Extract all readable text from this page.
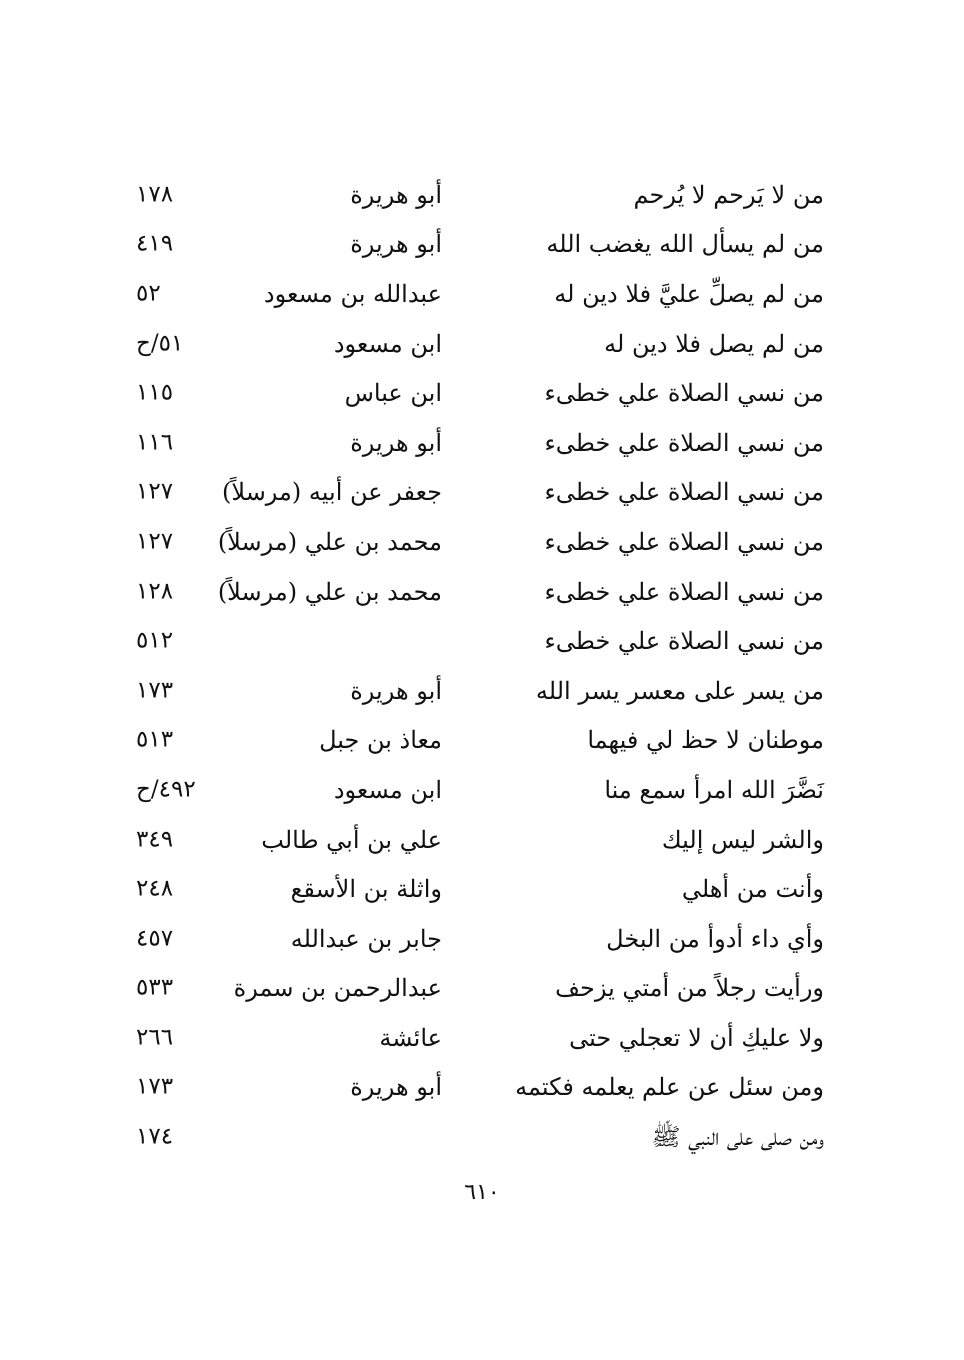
من لا يَرحم لا يُرحم
أبو هريرة
١٧٨
من لم يسأل الله يغضب الله
أبو هريرة
٤١٩
من لم يصلِّ عليَّ فلا دين له
عبدالله بن مسعود
٥٢
من لم يصل فلا دين له
ابن مسعود
٥١/ح
من نسي الصلاة علي خطىء
ابن عباس
١١٥
من نسي الصلاة علي خطىء
أبو هريرة
١١٦
من نسي الصلاة علي خطىء
جعفر عن أبيه (مرسلاً)
١٢٧
من نسي الصلاة علي خطىء
محمد بن علي (مرسلاً)
١٢٧
من نسي الصلاة علي خطىء
محمد بن علي (مرسلاً)
١٢٨
من نسي الصلاة علي خطىء
٥١٢
من يسر على معسر يسر الله
أبو هريرة
١٧٣
موطنان لا حظ لي فيهما
معاذ بن جبل
٥١٣
نَضَّرَ الله امرأ سمع منا
ابن مسعود
٤٩٢/ح
والشر ليس إليك
علي بن أبي طالب
٣٤٩
وأنت من أهلي
واثلة بن الأسقع
٢٤٨
وأي داء أدوأ من البخل
جابر بن عبدالله
٤٥٧
ورأيت رجلاً من أمتي يزحف
عبدالرحمن بن سمرة
٥٣٣
ولا عليكِ أن لا تعجلي حتى
عائشة
٢٦٦
ومن سئل عن علم يعلمه فكتمه
أبو هريرة
١٧٣
ومن صلى على النبي ﷺ
١٧٤
٦١٠
